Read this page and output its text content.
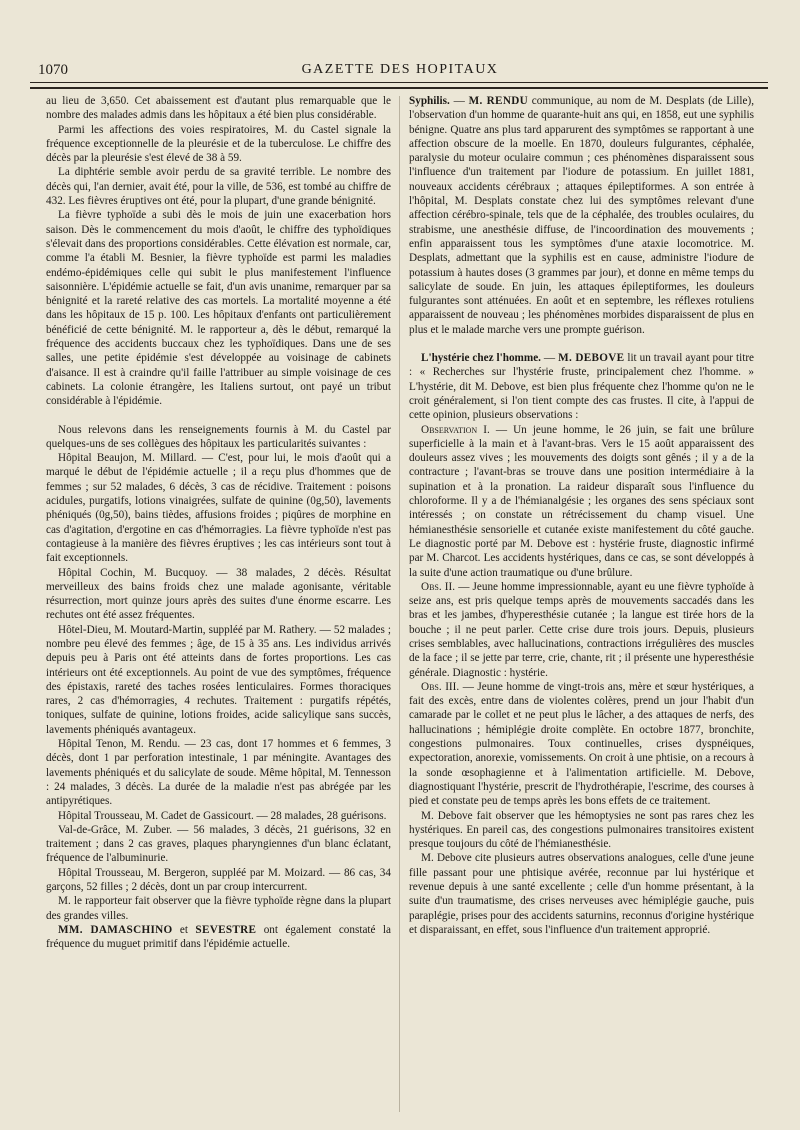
1070	GAZETTE DES HOPITAUX

au lieu de 3,650. Cet abaissement est d'autant plus remarquable que le nombre des malades admis dans les hôpitaux a été bien plus considérable.

Parmi les affections des voies respiratoires, M. du Castel signale la fréquence exceptionnelle de la pleurésie et de la tuberculose. Le chiffre des décès par la pleurésie s'est élevé de 38 à 59.

La diphtérie semble avoir perdu de sa gravité terrible. Le nombre des décès qui, l'an dernier, avait été, pour la ville, de 536, est tombé au chiffre de 432. Les fièvres éruptives ont été, pour la plupart, d'une grande bénignité.

La fièvre typhoïde a subi dès le mois de juin une exacerbation hors saison. Dès le commencement du mois d'août, le chiffre des typhoïdiques s'élevait dans des proportions considérables. Cette élévation est normale, car, comme l'a établi M. Besnier, la fièvre typhoïde est parmi les maladies endémo-épidémiques celle qui subit le plus manifestement l'influence saisonnière. L'épidémie actuelle se fait, d'un avis unanime, remarquer par sa bénignité et la rareté relative des cas mortels. La mortalité moyenne a été dans les hôpitaux de 15 p. 100. Les hôpitaux d'enfants ont particulièrement bénéficié de cette bénignité. M. le rapporteur a, dès le début, remarqué la fréquence des accidents buccaux chez les typhoïdiques. Dans une de ses salles, une petite épidémie s'est développée au voisinage de cabinets d'aisance. Il est à craindre qu'il faille l'attribuer au simple voisinage de ces cabinets. La colonie étrangère, les Italiens surtout, ont payé un tribut considérable à l'épidémie.

Nous relevons dans les renseignements fournis à M. du Castel par quelques-uns de ses collègues des hôpitaux les particularités suivantes :

Hôpital Beaujon, M. Millard. — C'est, pour lui, le mois d'août qui a marqué le début de l'épidémie actuelle ; il a reçu plus d'hommes que de femmes ; sur 52 malades, 6 décès, 3 cas de récidive. Traitement : poisons acidules, purgatifs, lotions vinaigrées, sulfate de quinine (0g,50), lavements phéniqués (0g,50), bains tièdes, affusions froides ; piqûres de morphine en cas d'agitation, d'ergotine en cas d'hémorragies. La fièvre typhoïde n'est pas contagieuse à la manière des fièvres éruptives ; les cas intérieurs sont tout à fait exceptionnels.

Hôpital Cochin, M. Bucquoy. — 38 malades, 2 décès. Résultat merveilleux des bains froids chez une malade agonisante, véritable résurrection, mort quinze jours après des suites d'une énorme escarre. Les rechutes ont été assez fréquentes.

Hôtel-Dieu, M. Moutard-Martin, suppléé par M. Rathery. — 52 malades ; nombre peu élevé des femmes ; âge, de 15 à 35 ans. Les individus arrivés depuis peu à Paris ont été atteints dans de fortes proportions. Les cas intérieurs ont été exceptionnels. Au point de vue des symptômes, fréquence des épistaxis, rareté des taches rosées lenticulaires. Formes thoraciques rares, 2 cas d'hémorragies, 4 rechutes. Traitement : purgatifs répétés, toniques, sulfate de quinine, lotions froides, acide salicylique sans succès, lavements phéniqués avantageux.

Hôpital Tenon, M. Rendu. — 23 cas, dont 17 hommes et 6 femmes, 3 décès, dont 1 par perforation intestinale, 1 par méningite. Avantages des lavements phéniqués et du salicylate de soude. Même hôpital, M. Tennesson : 24 malades, 3 décès. La durée de la maladie n'est pas abrégée par les antipyrétiques.

Hôpital Trousseau, M. Cadet de Gassicourt. — 28 malades, 28 guérisons.

Val-de-Grâce, M. Zuber. — 56 malades, 3 décès, 21 guérisons, 32 en traitement ; dans 2 cas graves, plaques pharyngiennes d'un blanc éclatant, fréquence de l'albuminurie.

Hôpital Trousseau, M. Bergeron, suppléé par M. Moizard. — 86 cas, 34 garçons, 52 filles ; 2 décès, dont un par croup intercurrent.

M. le rapporteur fait observer que la fièvre typhoïde règne dans la plupart des grandes villes.

MM. DAMASCHINO et SEVESTRE ont également constaté la fréquence du muguet primitif dans l'épidémie actuelle.

Syphilis. — M. RENDU communique, au nom de M. Desplats (de Lille), l'observation d'un homme de quarante-huit ans qui, en 1858, eut une syphilis bénigne. Quatre ans plus tard apparurent des symptômes se rapportant à une affection obscure de la moelle. En 1870, douleurs fulgurantes, céphalée, paralysie du moteur oculaire commun ; ces phénomènes disparaissent sous l'influence d'un traitement par l'iodure de potassium. En juillet 1881, nouveaux accidents cérébraux ; attaques épileptiformes. A son entrée à l'hôpital, M. Desplats constate chez lui des symptômes relevant d'une affection cérébro-spinale, tels que de la céphalée, des troubles oculaires, du strabisme, une anesthésie diffuse, de l'incoordination des mouvements ; enfin apparaissent tous les symptômes d'une ataxie locomotrice. M. Desplats, admettant que la syphilis est en cause, administre l'iodure de potassium à hautes doses (3 grammes par jour), et donne en même temps du salicylate de soude. En juin, les attaques épileptiformes, les douleurs fulgurantes sont atténuées. En août et en septembre, les réflexes rotuliens apparaissent de nouveau ; les phénomènes morbides disparaissent de plus en plus et le malade marche vers une prompte guérison.

L'hystérie chez l'homme. — M. DEBOVE lit un travail ayant pour titre : « Recherches sur l'hystérie fruste, principalement chez l'homme. » L'hystérie, dit M. Debove, est bien plus fréquente chez l'homme qu'on ne le croit généralement, si l'on tient compte des cas frustes. Il cite, à l'appui de cette opinion, plusieurs observations :

Observation I. — Un jeune homme, le 26 juin, se fait une brûlure superficielle à la main et à l'avant-bras. Vers le 15 août apparaissent des douleurs assez vives ; les mouvements des doigts sont gênés ; il y a de la contracture ; l'avant-bras se trouve dans une position intermédiaire à la supination et à la pronation. La raideur disparaît sous l'influence du chloroforme. Il y a de l'hémianalgésie ; les organes des sens spéciaux sont intéressés ; on constate un rétrécissement du champ visuel. Une hémianesthésie sensorielle et cutanée existe manifestement du côté gauche. Le diagnostic porté par M. Debove est : hystérie fruste, diagnostic infirmé par M. Charcot. Les accidents hystériques, dans ce cas, se sont développés à la suite d'une action traumatique ou d'une brûlure.

Obs. II. — Jeune homme impressionnable, ayant eu une fièvre typhoïde à seize ans, est pris quelque temps après de mouvements saccadés dans les bras et les jambes, d'hyperesthésie cutanée ; la langue est tirée hors de la bouche ; il ne peut parler. Cette crise dure trois jours. Depuis, plusieurs crises semblables, avec hallucinations, contractions irrégulières des muscles de la face ; il se jette par terre, crie, chante, rit ; il présente une hyperesthésie générale. Diagnostic : hystérie.

Obs. III. — Jeune homme de vingt-trois ans, mère et sœur hystériques, a fait des excès, entre dans de violentes colères, prend un jour l'habit d'un camarade par le collet et ne peut plus le lâcher, a des attaques de nerfs, des hallucinations ; hémiplégie droite complète. En octobre 1877, bronchite, congestions pulmonaires. Toux continuelles, crises dyspnéiques, expectoration, anorexie, vomissements. On croit à une phtisie, on a recours à la sonde œsophagienne et à l'alimentation artificielle. M. Debove, diagnostiquant l'hystérie, prescrit de l'hydrothérapie, l'escrime, des courses à pied et constate peu de temps après les bons effets de ce traitement.

M. Debove fait observer que les hémoptysies ne sont pas rares chez les hystériques. En pareil cas, des congestions pulmonaires transitoires existent presque toujours du côté de l'hémianesthésie.

M. Debove cite plusieurs autres observations analogues, celle d'une jeune fille passant pour une phtisique avérée, reconnue par lui hystérique et revenue depuis à une santé excellente ; celle d'un homme présentant, à la suite d'un traumatisme, des crises nerveuses avec hémiplégie gauche, puis paraplégie, prises pour des accidents saturnins, reconnus d'origine hystérique et disparaissant, en effet, sous l'influence d'un traitement approprié.
